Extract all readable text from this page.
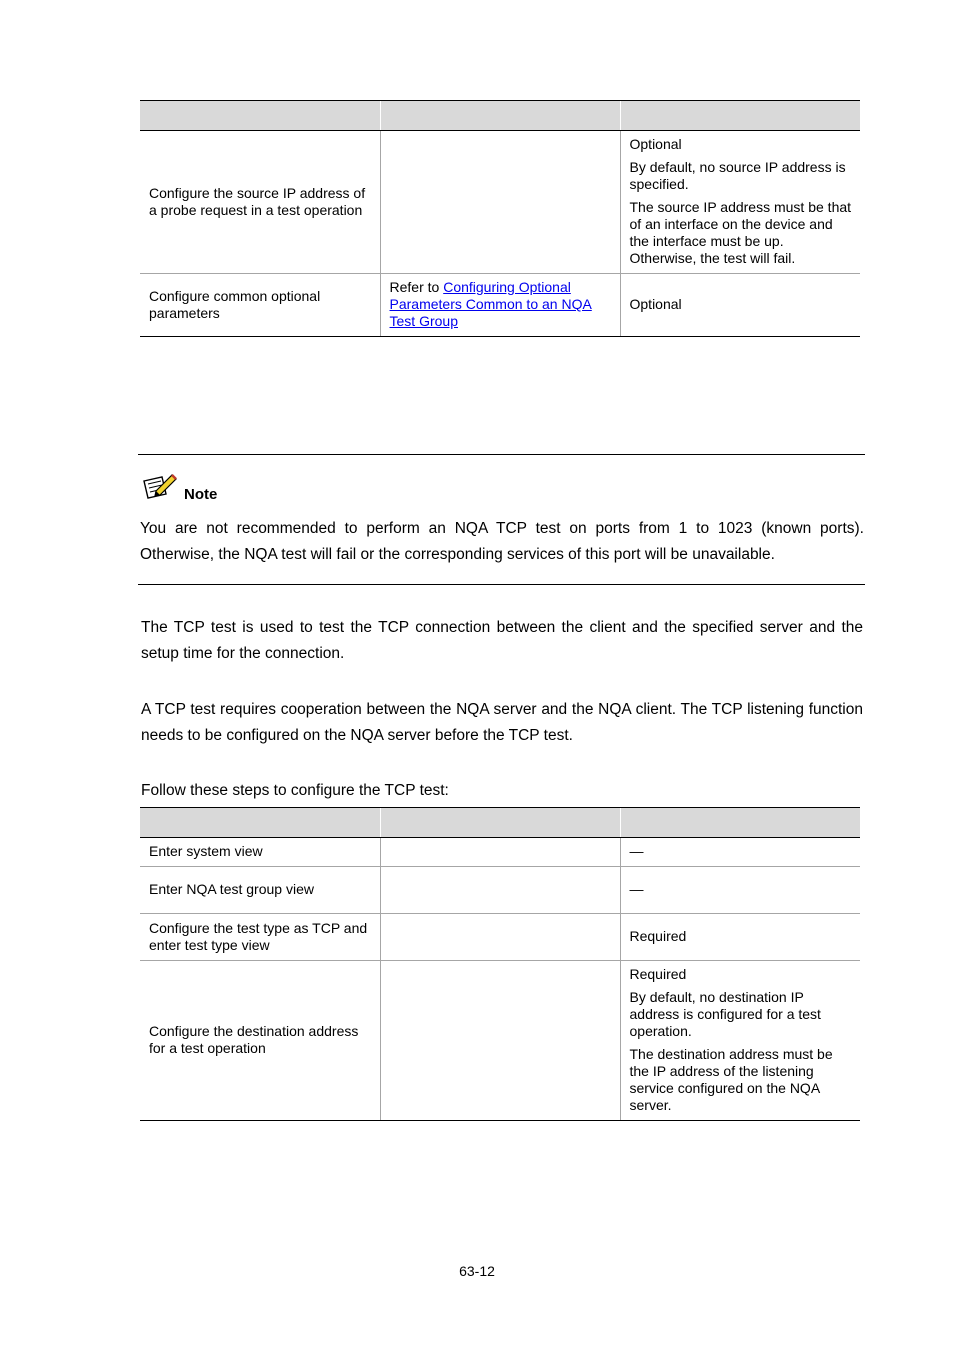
Configure the source IP address of a probe request in a test operation		Optional

By default, no source IP address is specified.

The source IP address must be that of an interface on the device and the interface must be up. Otherwise, the test will fail.

Configure common optional parameters	Refer to Configuring Optional Parameters Common to an NQA Test Group	Optional

Note

You are not recommended to perform an NQA TCP test on ports from 1 to 1023 (known ports). Otherwise, the NQA test will fail or the corresponding services of this port will be unavailable.

The TCP test is used to test the TCP connection between the client and the specified server and the setup time for the connection.

A TCP test requires cooperation between the NQA server and the NQA client. The TCP listening function needs to be configured on the NQA server before the TCP test.

Follow these steps to configure the TCP test:

Enter system view		—
Enter NQA test group view		—
Configure the test type as TCP and enter test type view		Required
Configure the destination address for a test operation		Required

By default, no destination IP address is configured for a test operation.

The destination address must be the IP address of the listening service configured on the NQA server.

63-12
